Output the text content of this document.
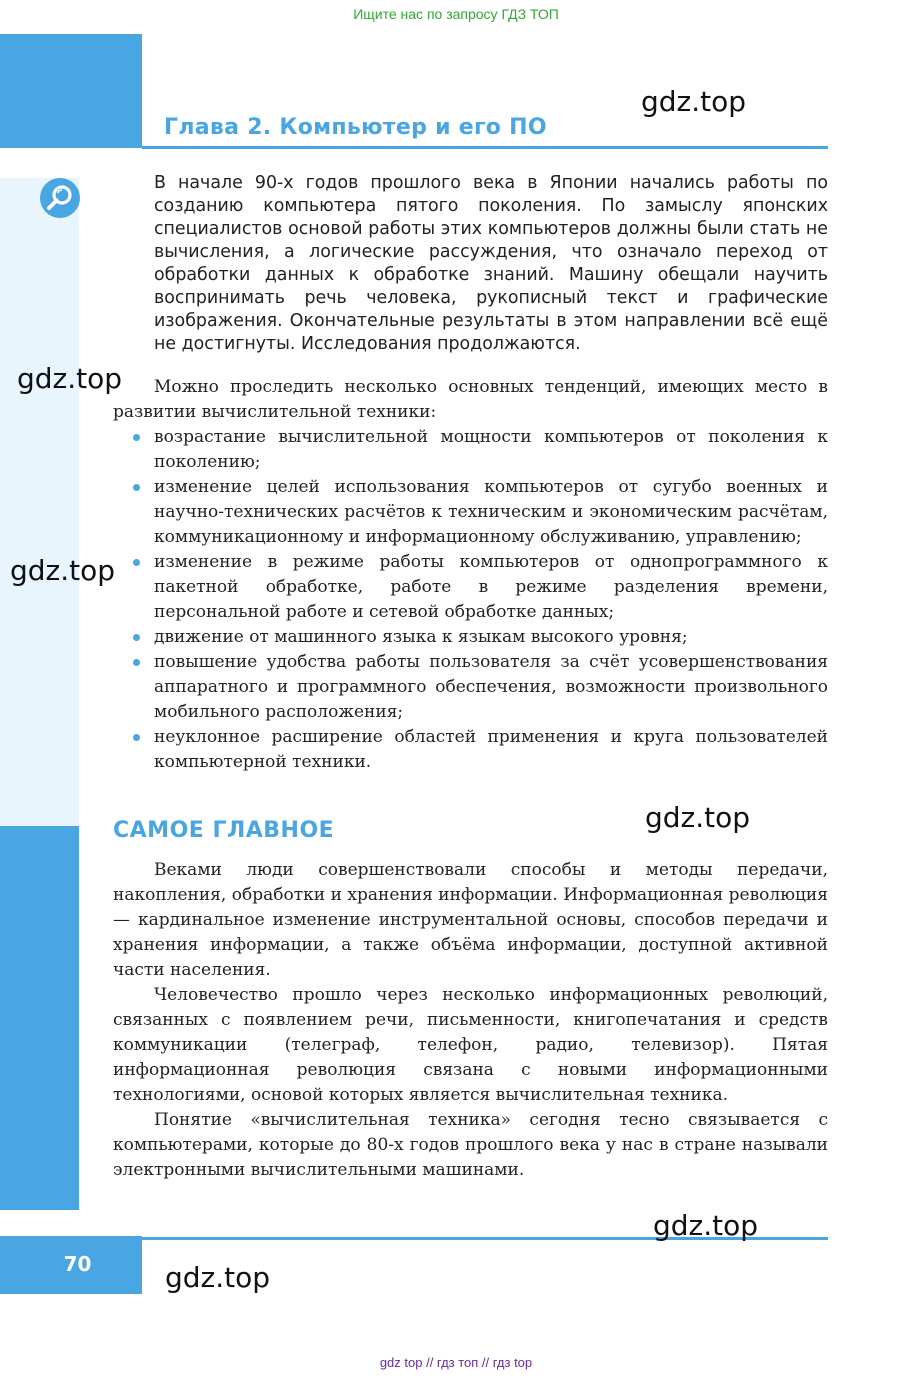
Ищите нас по запросу ГДЗ ТОП
Глава 2. Компьютер и его ПО
В начале 90-х годов прошлого века в Японии начались работы по созданию компьютера пятого поколения. По замыслу японских специалистов основой работы этих компьютеров должны были стать не вычисления, а логические рассуждения, что означало переход от обработки данных к обработке знаний. Машину обещали научить воспринимать речь человека, рукописный текст и графические изображения. Окончательные результаты в этом направлении всё ещё не достигнуты. Исследования продолжаются.

Можно проследить несколько основных тенденций, имеющих место в развитии вычислительной техники:

возрастание вычислительной мощности компьютеров от поколения к поколению;
изменение целей использования компьютеров от сугубо военных и научно-технических расчётов к техническим и экономическим расчётам, коммуникационному и информационному обслуживанию, управлению;
изменение в режиме работы компьютеров от однопрограммного к пакетной обработке, работе в режиме разделения времени, персональной работе и сетевой обработке данных;
движение от машинного языка к языкам высокого уровня;
повышение удобства работы пользователя за счёт усовершенствования аппаратного и программного обеспечения, возможности произвольного мобильного расположения;
неуклонное расширение областей применения и круга пользователей компьютерной техники.
САМОЕ ГЛАВНОЕ

Веками люди совершенствовали способы и методы передачи, накопления, обработки и хранения информации. Информационная революция — кардинальное изменение инструментальной основы, способов передачи и хранения информации, а также объёма информации, доступной активной части населения.

Человечество прошло через несколько информационных революций, связанных с появлением речи, письменности, книгопечатания и средств коммуникации (телеграф, телефон, радио, телевизор). Пятая информационная революция связана с новыми информационными технологиями, основой которых является вычислительная техника.

Понятие «вычислительная техника» сегодня тесно связывается с компьютерами, которые до 80-х годов прошлого века у нас в стране называли электронными вычислительными машинами.

70
gdz.top
gdz.top
gdz.top
gdz.top
gdz.top
gdz.top
gdz top // гдз топ // гдз top
